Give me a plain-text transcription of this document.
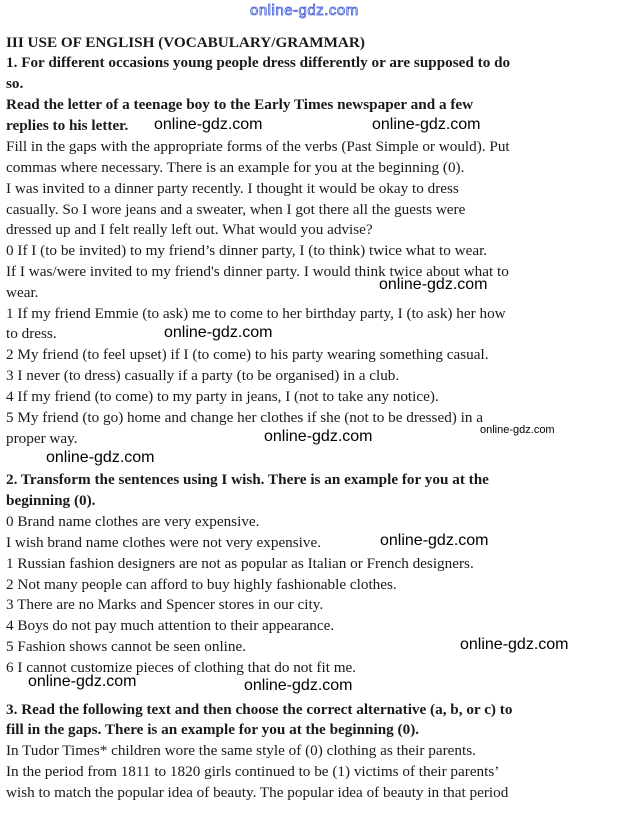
online-gdz.com
III USE OF ENGLISH (VOCABULARY/GRAMMAR)
1. For different occasions young people dress differently or are supposed to do
so.
Read the letter of a teenage boy to the Early Times newspaper and a few
replies to his letter.
Fill in the gaps with the appropriate forms of the verbs (Past Simple or would). Put
commas where necessary. There is an example for you at the beginning (0).
I was invited to a dinner party recently. I thought it would be okay to dress
casually. So I wore jeans and a sweater, when I got there all the guests were
dressed up and I felt really left out. What would you advise?
0 If I (to be invited) to my friend’s dinner party, I (to think) twice what to wear.
If I was/were invited to my friend's dinner party. I would think twice about what to
wear.
1 If my friend Emmie (to ask) me to come to her birthday party, I (to ask) her how
to dress.
2 My friend (to feel upset) if I (to come) to his party wearing something casual.
3 I never (to dress) casually if a party (to be organised) in a club.
4 If my friend (to come) to my party in jeans, I (not to take any notice).
5 My friend (to go) home and change her clothes if she (not to be dressed) in a
proper way.
2. Transform the sentences using I wish. There is an example for you at the
beginning (0).
0 Brand name clothes are very expensive.
I wish brand name clothes were not very expensive.
1 Russian fashion designers are not as popular as Italian or French designers.
2 Not many people can afford to buy highly fashionable clothes.
3 There are no Marks and Spencer stores in our city.
4 Boys do not pay much attention to their appearance.
5 Fashion shows cannot be seen online.
6 I cannot customize pieces of clothing that do not fit me.
3. Read the following text and then choose the correct alternative (a, b, or c) to
fill in the gaps. There is an example for you at the beginning (0).
In Tudor Times* children wore the same style of (0) clothing as their parents.
In the period from 1811 to 1820 girls continued to be (1) victims of their parents’
wish to match the popular idea of beauty. The popular idea of beauty in that period
online-gdz.com	online-gdz.com
online-gdz.com
online-gdz.com
online-gdz.com	online-gdz.com
online-gdz.com
online-gdz.com
online-gdz.com
online-gdz.com	online-gdz.com
